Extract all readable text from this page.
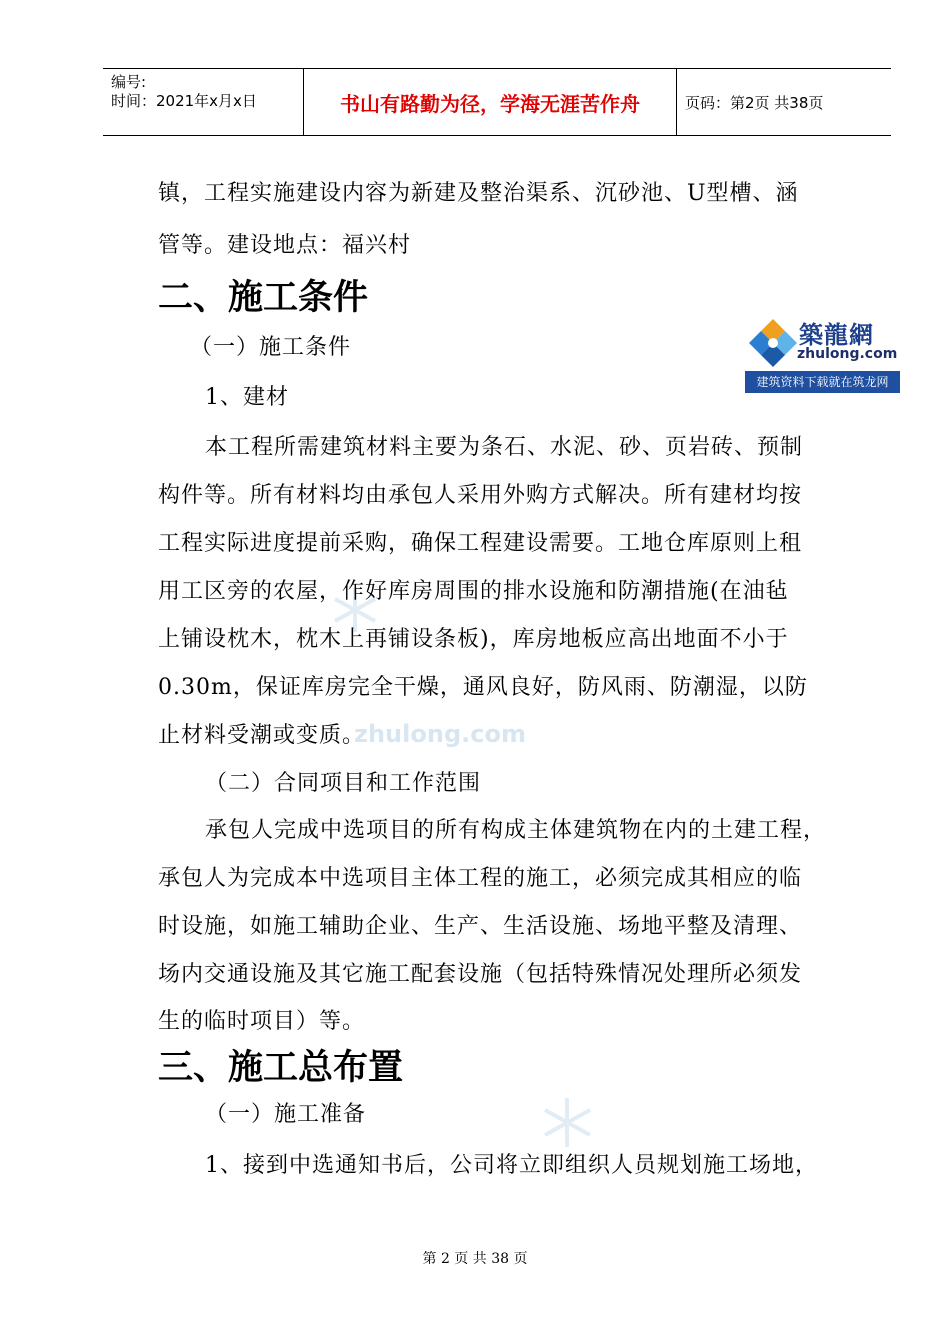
编号:
时间：2021年x月x日	书山有路勤为径，学海无涯苦作舟	页码：第2页 共38页
築龍網
zhulong.com
建筑资料下载就在筑龙网
zhulong.com
镇，工程实施建设内容为新建及整治渠系、沉砂池、U型槽、涵
管等。建设地点：福兴村
二、施工条件
（一）施工条件
1、建材
本工程所需建筑材料主要为条石、水泥、砂、页岩砖、预制
构件等。所有材料均由承包人采用外购方式解决。所有建材均按
工程实际进度提前采购，确保工程建设需要。工地仓库原则上租
用工区旁的农屋，作好库房周围的排水设施和防潮措施(在油毡
上铺设枕木，枕木上再铺设条板)，库房地板应高出地面不小于
0.30m，保证库房完全干燥，通风良好，防风雨、防潮湿，以防
止材料受潮或变质。
（二）合同项目和工作范围
承包人完成中选项目的所有构成主体建筑物在内的土建工程，
承包人为完成本中选项目主体工程的施工，必须完成其相应的临
时设施，如施工辅助企业、生产、生活设施、场地平整及清理、
场内交通设施及其它施工配套设施（包括特殊情况处理所必须发
生的临时项目）等。
三、施工总布置
（一）施工准备
1、接到中选通知书后，公司将立即组织人员规划施工场地，
第 2 页 共 38 页
